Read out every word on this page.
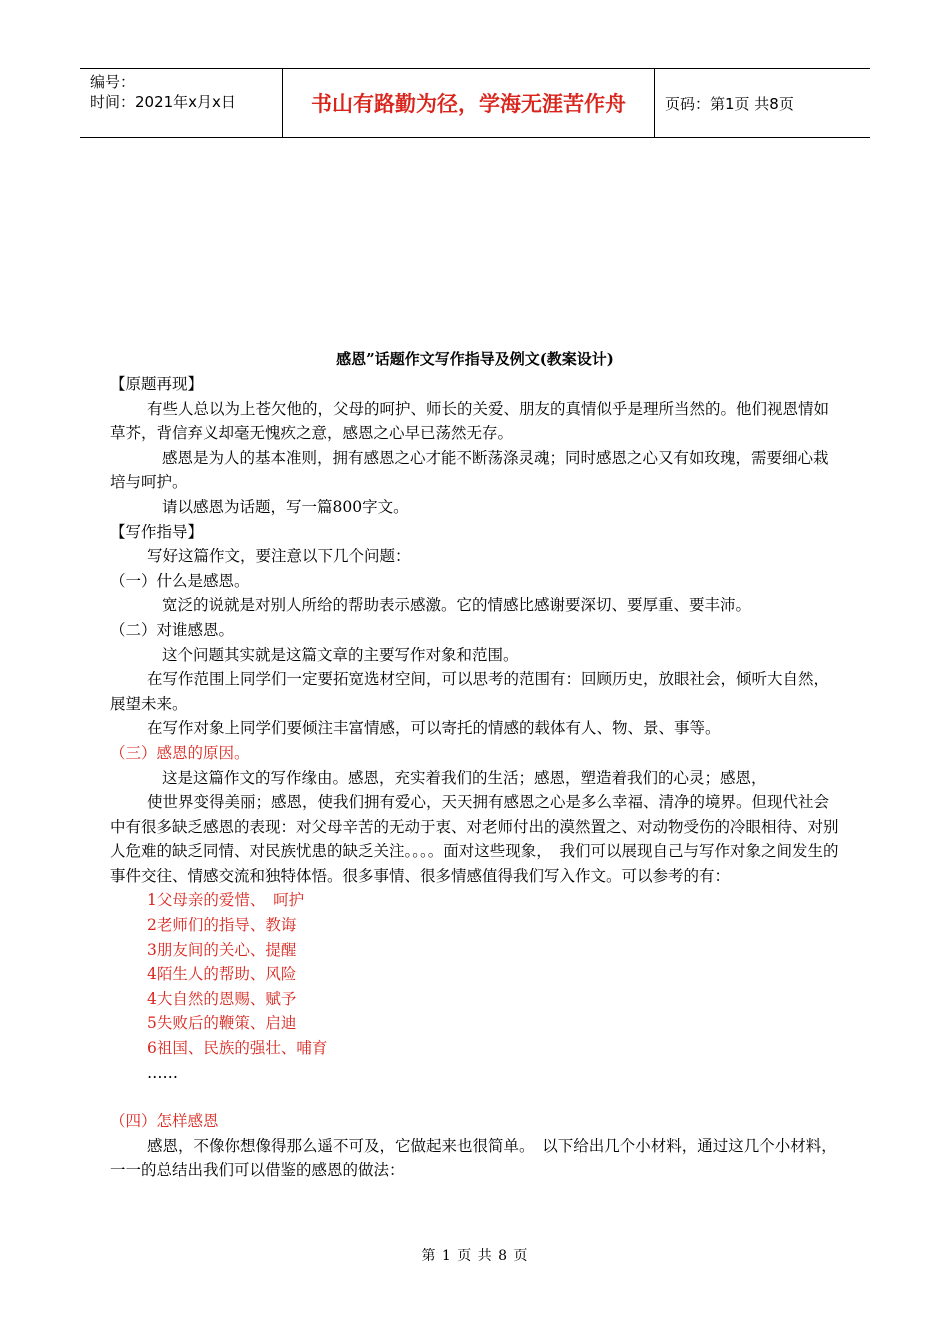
编号：
时间：2021年x月x日	书山有路勤为径，学海无涯苦作舟	页码：第1页 共8页
感恩”话题作文写作指导及例文(教案设计)

【原题再现】

有些人总以为上苍欠他的，父母的呵护、师长的关爱、朋友的真情似乎是理所当然的。他们视恩情如草芥，背信弃义却毫无愧疚之意，感恩之心早已荡然无存。

感恩是为人的基本准则，拥有感恩之心才能不断荡涤灵魂；同时感恩之心又有如玫瑰，需要细心栽培与呵护。

请以感恩为话题，写一篇800字文。

【写作指导】

写好这篇作文，要注意以下几个问题：

（一）什么是感恩。

宽泛的说就是对别人所给的帮助表示感激。它的情感比感谢要深切、要厚重、要丰沛。

（二）对谁感恩。

这个问题其实就是这篇文章的主要写作对象和范围。

在写作范围上同学们一定要拓宽选材空间，可以思考的范围有：回顾历史，放眼社会，倾听大自然，展望未来。

在写作对象上同学们要倾注丰富情感，可以寄托的情感的载体有人、物、景、事等。

（三）感恩的原因。

这是这篇作文的写作缘由。感恩，充实着我们的生活；感恩，塑造着我们的心灵；感恩，

使世界变得美丽；感恩，使我们拥有爱心，天天拥有感恩之心是多么幸福、清净的境界。但现代社会中有很多缺乏感恩的表现：对父母辛苦的无动于衷、对老师付出的漠然置之、对动物受伤的冷眼相待、对别人危难的缺乏同情、对民族忧患的缺乏关注。。。。面对这些现象，　我们可以展现自己与写作对象之间发生的事件交往、情感交流和独特体悟。很多事情、很多情感值得我们写入作文。可以参考的有：

1父母亲的爱惜、　呵护

2老师们的指导、教诲

3朋友间的关心、提醒

4陌生人的帮助、风险

4大自然的恩赐、赋予

5失败后的鞭策、启迪

6祖国、民族的强壮、哺育

……

（四）怎样感恩

感恩，不像你想像得那么遥不可及，它做起来也很简单。　以下给出几个小材料，通过这几个小材料，一一的总结出我们可以借鉴的感恩的做法：

第 1 页 共 8 页
